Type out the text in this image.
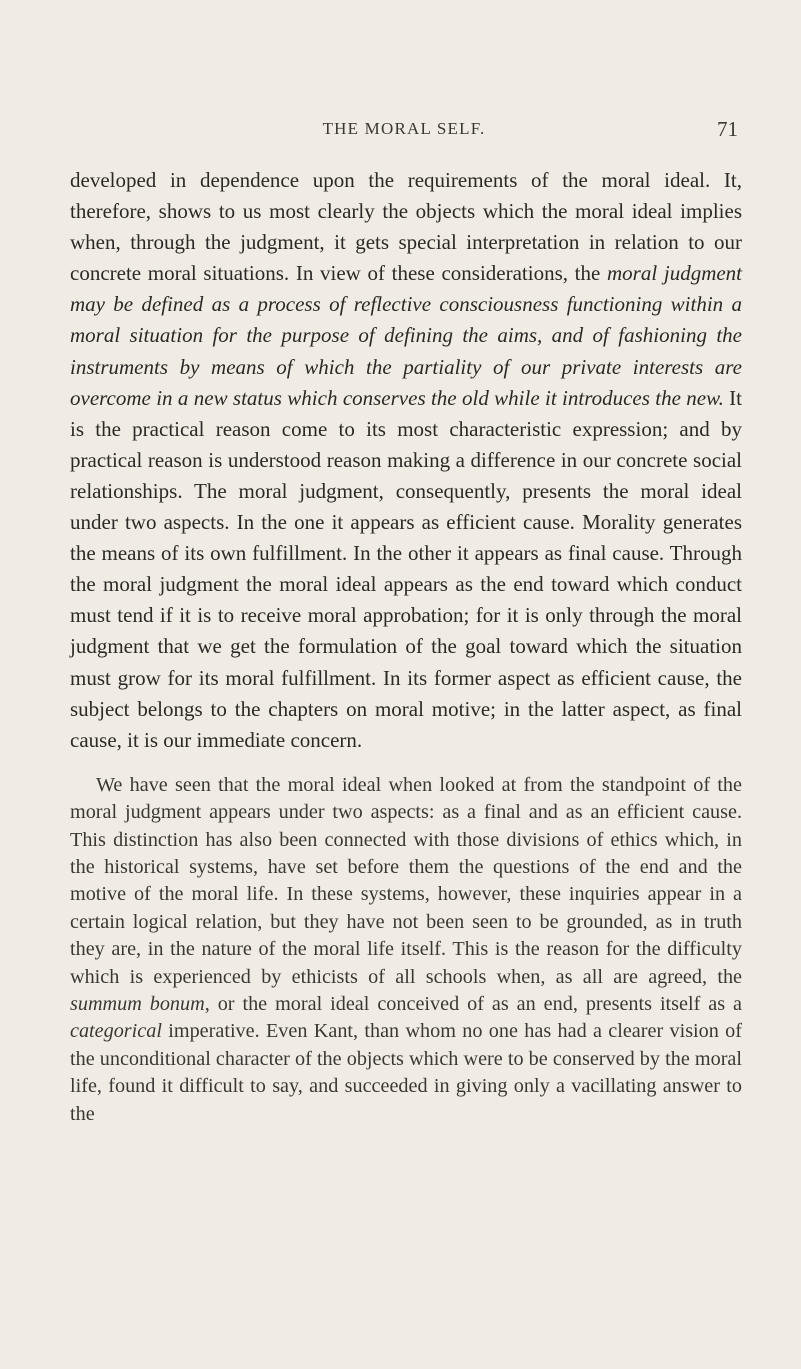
THE MORAL SELF.	71

developed in dependence upon the requirements of the moral ideal. It, therefore, shows to us most clearly the objects which the moral ideal implies when, through the judgment, it gets special interpretation in relation to our concrete moral situations. In view of these considerations, the moral judgment may be defined as a process of reflective consciousness functioning within a moral situation for the purpose of defining the aims, and of fashioning the instruments by means of which the partiality of our private interests are overcome in a new status which conserves the old while it introduces the new. It is the practical reason come to its most characteristic expression; and by practical reason is understood reason making a difference in our concrete social relationships. The moral judgment, consequently, presents the moral ideal under two aspects. In the one it appears as efficient cause. Morality generates the means of its own fulfillment. In the other it appears as final cause. Through the moral judgment the moral ideal appears as the end toward which conduct must tend if it is to receive moral approbation; for it is only through the moral judgment that we get the formulation of the goal toward which the situation must grow for its moral fulfillment. In its former aspect as efficient cause, the subject belongs to the chapters on moral motive; in the latter aspect, as final cause, it is our immediate concern.

We have seen that the moral ideal when looked at from the standpoint of the moral judgment appears under two aspects: as a final and as an efficient cause. This distinction has also been connected with those divisions of ethics which, in the historical systems, have set before them the questions of the end and the motive of the moral life. In these systems, however, these inquiries appear in a certain logical relation, but they have not been seen to be grounded, as in truth they are, in the nature of the moral life itself. This is the reason for the difficulty which is experienced by ethicists of all schools when, as all are agreed, the summum bonum, or the moral ideal conceived of as an end, presents itself as a categorical imperative. Even Kant, than whom no one has had a clearer vision of the unconditional character of the objects which were to be conserved by the moral life, found it difficult to say, and succeeded in giving only a vacillating answer to the
